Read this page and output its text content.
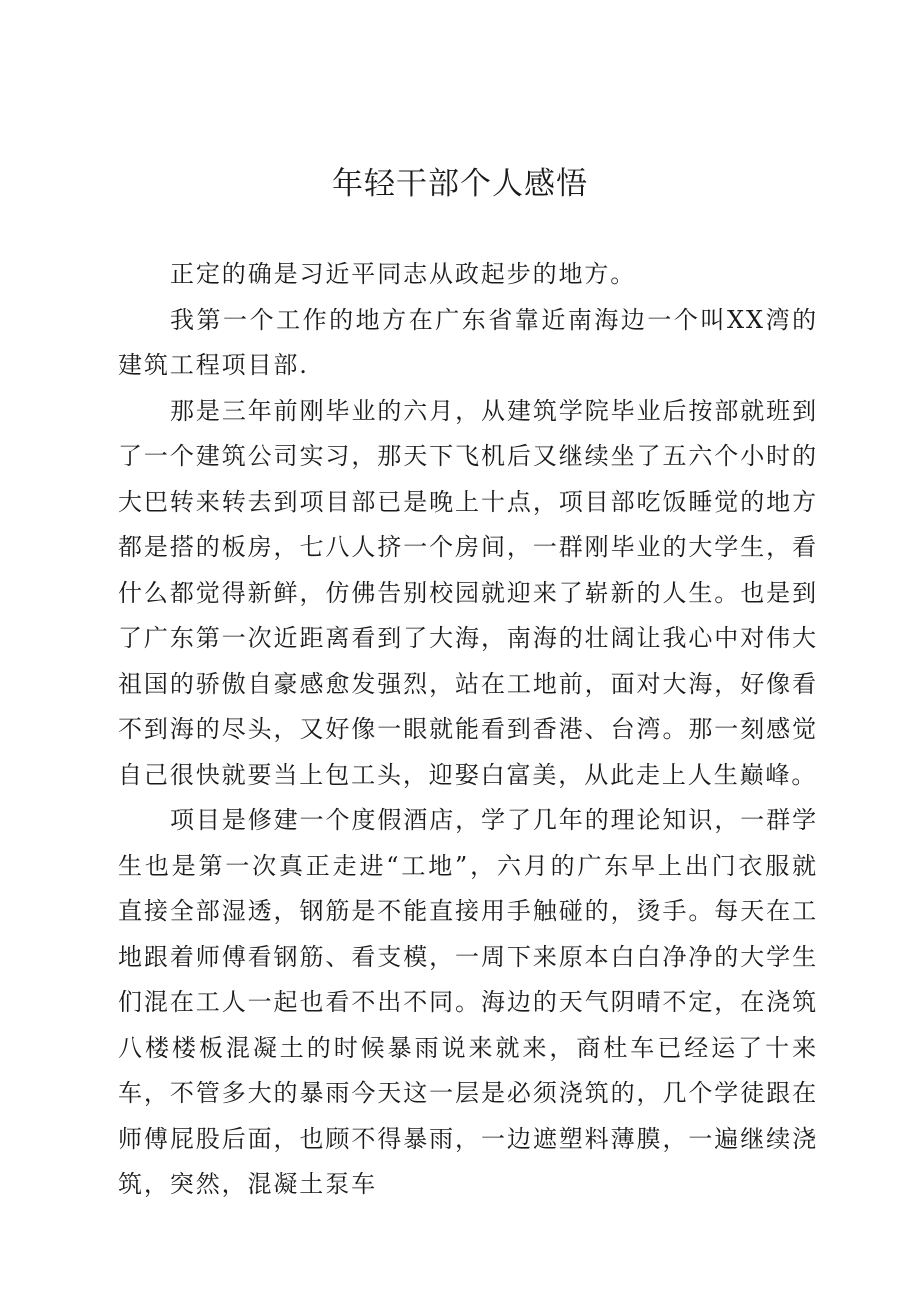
年轻干部个人感悟

正定的确是习近平同志从政起步的地方。

我第一个工作的地方在广东省靠近南海边一个叫XX湾的建筑工程项目部.

那是三年前刚毕业的六月，从建筑学院毕业后按部就班到了一个建筑公司实习，那天下飞机后又继续坐了五六个小时的大巴转来转去到项目部已是晚上十点，项目部吃饭睡觉的地方都是搭的板房，七八人挤一个房间，一群刚毕业的大学生，看什么都觉得新鲜，仿佛告别校园就迎来了崭新的人生。也是到了广东第一次近距离看到了大海，南海的壮阔让我心中对伟大祖国的骄傲自豪感愈发强烈，站在工地前，面对大海，好像看不到海的尽头，又好像一眼就能看到香港、台湾。那一刻感觉自己很快就要当上包工头，迎娶白富美，从此走上人生巅峰。

项目是修建一个度假酒店，学了几年的理论知识，一群学生也是第一次真正走进“工地”，六月的广东早上出门衣服就直接全部湿透，钢筋是不能直接用手触碰的，烫手。每天在工地跟着师傅看钢筋、看支模，一周下来原本白白净净的大学生们混在工人一起也看不出不同。海边的天气阴晴不定，在浇筑八楼楼板混凝土的时候暴雨说来就来，商杜车已经运了十来车，不管多大的暴雨今天这一层是必须浇筑的，几个学徒跟在师傅屁股后面，也顾不得暴雨，一边遮塑料薄膜，一遍继续浇筑，突然，混凝土泵车
